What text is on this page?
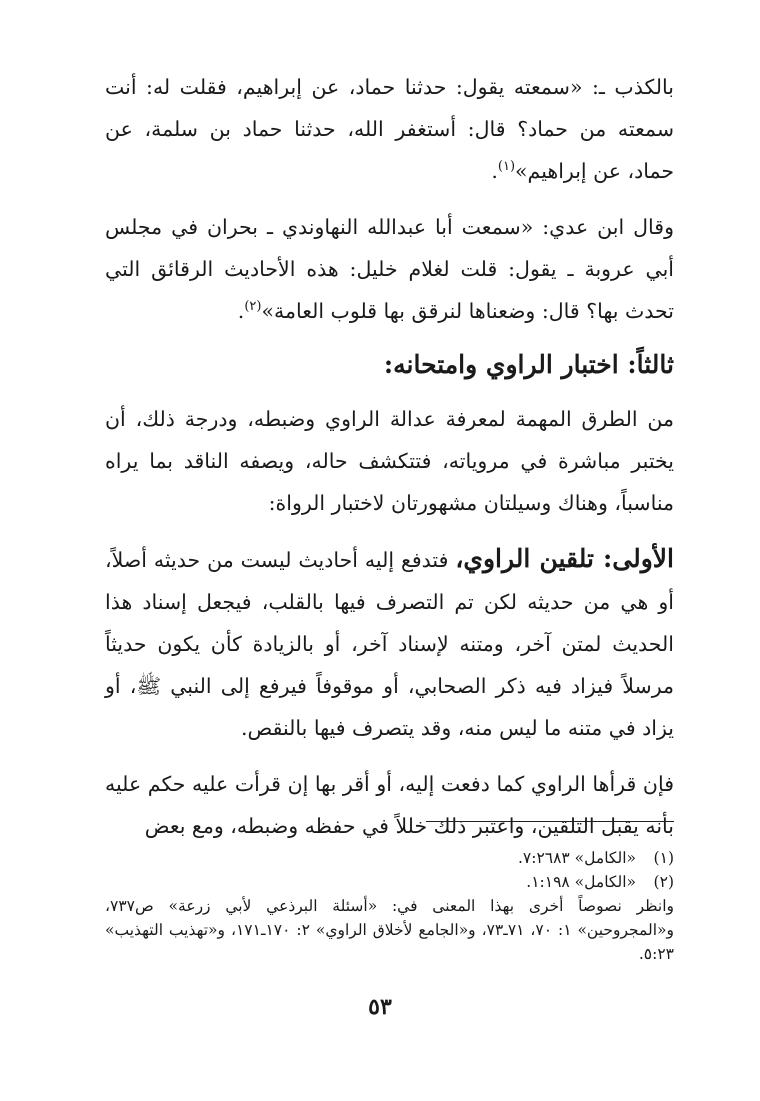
بالكذب ـ: «سمعته يقول: حدثنا حماد، عن إبراهيم، فقلت له: أنت سمعته من حماد؟ قال: أستغفر الله، حدثنا حماد بن سلمة، عن حماد، عن إبراهيم»$^{(١)}$.

وقال ابن عدي: «سمعت أبا عبدالله النهاوندي ـ بحران في مجلس أبي عروبة ـ يقول: قلت لغلام خليل: هذه الأحاديث الرقائق التي تحدث بها؟ قال: وضعناها لنرقق بها قلوب العامة»$^{(٢)}$.

ثالثاً: اختبار الراوي وامتحانه:

من الطرق المهمة لمعرفة عدالة الراوي وضبطه، ودرجة ذلك، أن يختبر مباشرة في مروياته، فتتكشف حاله، ويصفه الناقد بما يراه مناسباً، وهناك وسيلتان مشهورتان لاختبار الرواة:

الأولى: تلقين الراوي، فتدفع إليه أحاديث ليست من حديثه أصلاً، أو هي من حديثه لكن تم التصرف فيها بالقلب، فيجعل إسناد هذا الحديث لمتن آخر، ومتنه لإسناد آخر، أو بالزيادة كأن يكون حديثاً مرسلاً فيزاد فيه ذكر الصحابي، أو موقوفاً فيرفع إلى النبي ﷺ، أو يزاد في متنه ما ليس منه، وقد يتصرف فيها بالنقص.

فإن قرأها الراوي كما دفعت إليه، أو أقر بها إن قرأت عليه حكم عليه بأنه يقبل التلقين، واعتبر ذلك خللاً في حفظه وضبطه، ومع بعض

(١)«الكامل» ٧:٢٦٨٣.

(٢)«الكامل» ١:١٩٨.

وانظر نصوصاً أخرى بهذا المعنى في: «أسئلة البرذعي لأبي زرعة» ص٧٣٧، و«المجروحين» ١: ٧٠، ٧١ـ٧٣، و«الجامع لأخلاق الراوي» ٢: ١٧٠ـ١٧١، و«تهذيب التهذيب» ٥:٢٣.

٥٣
